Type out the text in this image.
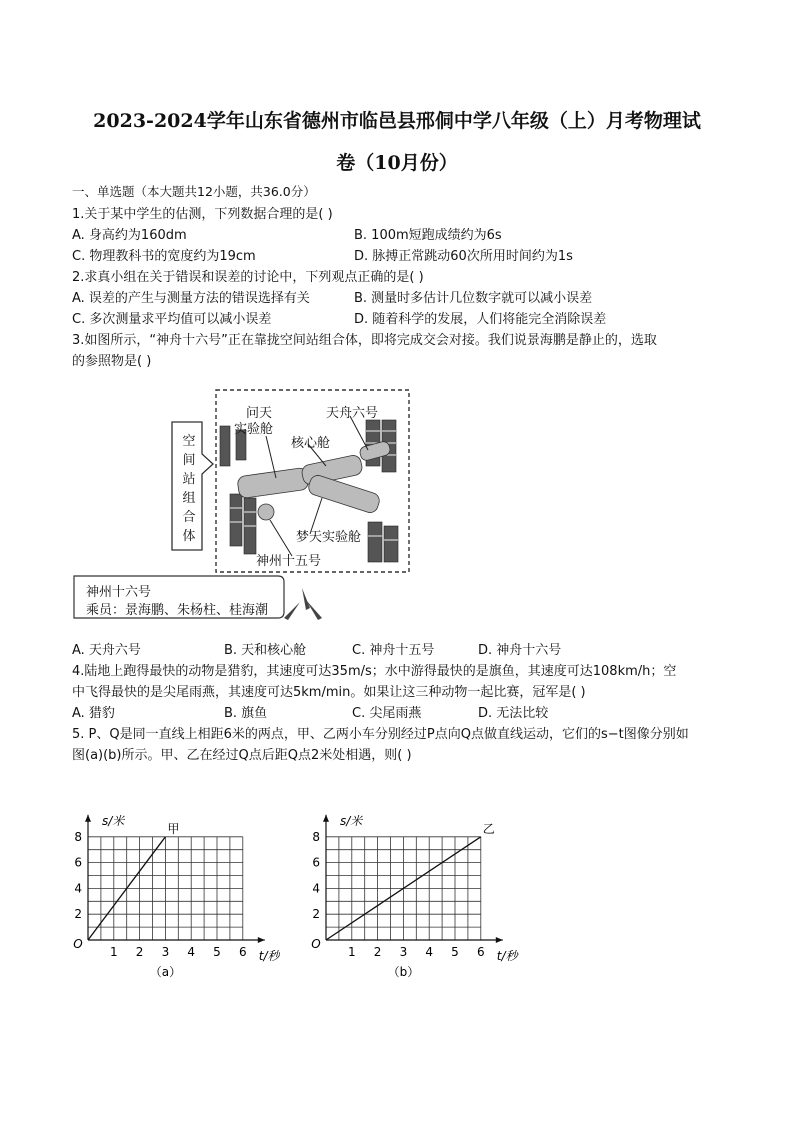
2023-2024学年山东省德州市临邑县邢侗中学八年级（上）月考物理试
卷（10月份）
一、单选题（本大题共12小题，共36.0分）
1.关于某中学生的估测，下列数据合理的是( )
A. 身高约为160dm	B. 100m短跑成绩约为6s
C. 物理教科书的宽度约为19cm	D. 脉搏正常跳动60次所用时间约为1s
2.求真小组在关于错误和误差的讨论中，下列观点正确的是( )
A. 误差的产生与测量方法的错误选择有关	B. 测量时多估计几位数字就可以减小误差
C. 多次测量求平均值可以减小误差	D. 随着科学的发展，人们将能完全消除误差
3.如图所示，“神舟十六号”正在靠拢空间站组合体，即将完成交会对接。我们说景海鹏是静止的，选取
的参照物是( )
空
间
站
组
合
体
问天
实验舱
天舟六号
核心舱
梦天实验舱
神州十五号
神州十六号
乘员：景海鹏、朱杨柱、桂海潮
A. 天舟六号	B. 天和核心舱	C. 神舟十五号	D. 神舟十六号
4.陆地上跑得最快的动物是猎豹，其速度可达35m/s；水中游得最快的是旗鱼，其速度可达108km/h；空
中飞得最快的是尖尾雨燕，其速度可达5km/min。如果让这三种动物一起比赛，冠军是( )
A. 猎豹	B. 旗鱼	C. 尖尾雨燕	D. 无法比较
5. P、Q是同一直线上相距6米的两点，甲、乙两小车分别经过P点向Q点做直线运动，它们的s−t图像分别如
图(a)(b)所示。甲、乙在经过Q点后距Q点2米处相遇，则( )
1 2 3 4 5 6
2
4
6
8
O
t/秒
s/米
甲
（a）
1 2 3 4 5 6
2
4
6
8
O
t/秒
s/米
乙
（b）
